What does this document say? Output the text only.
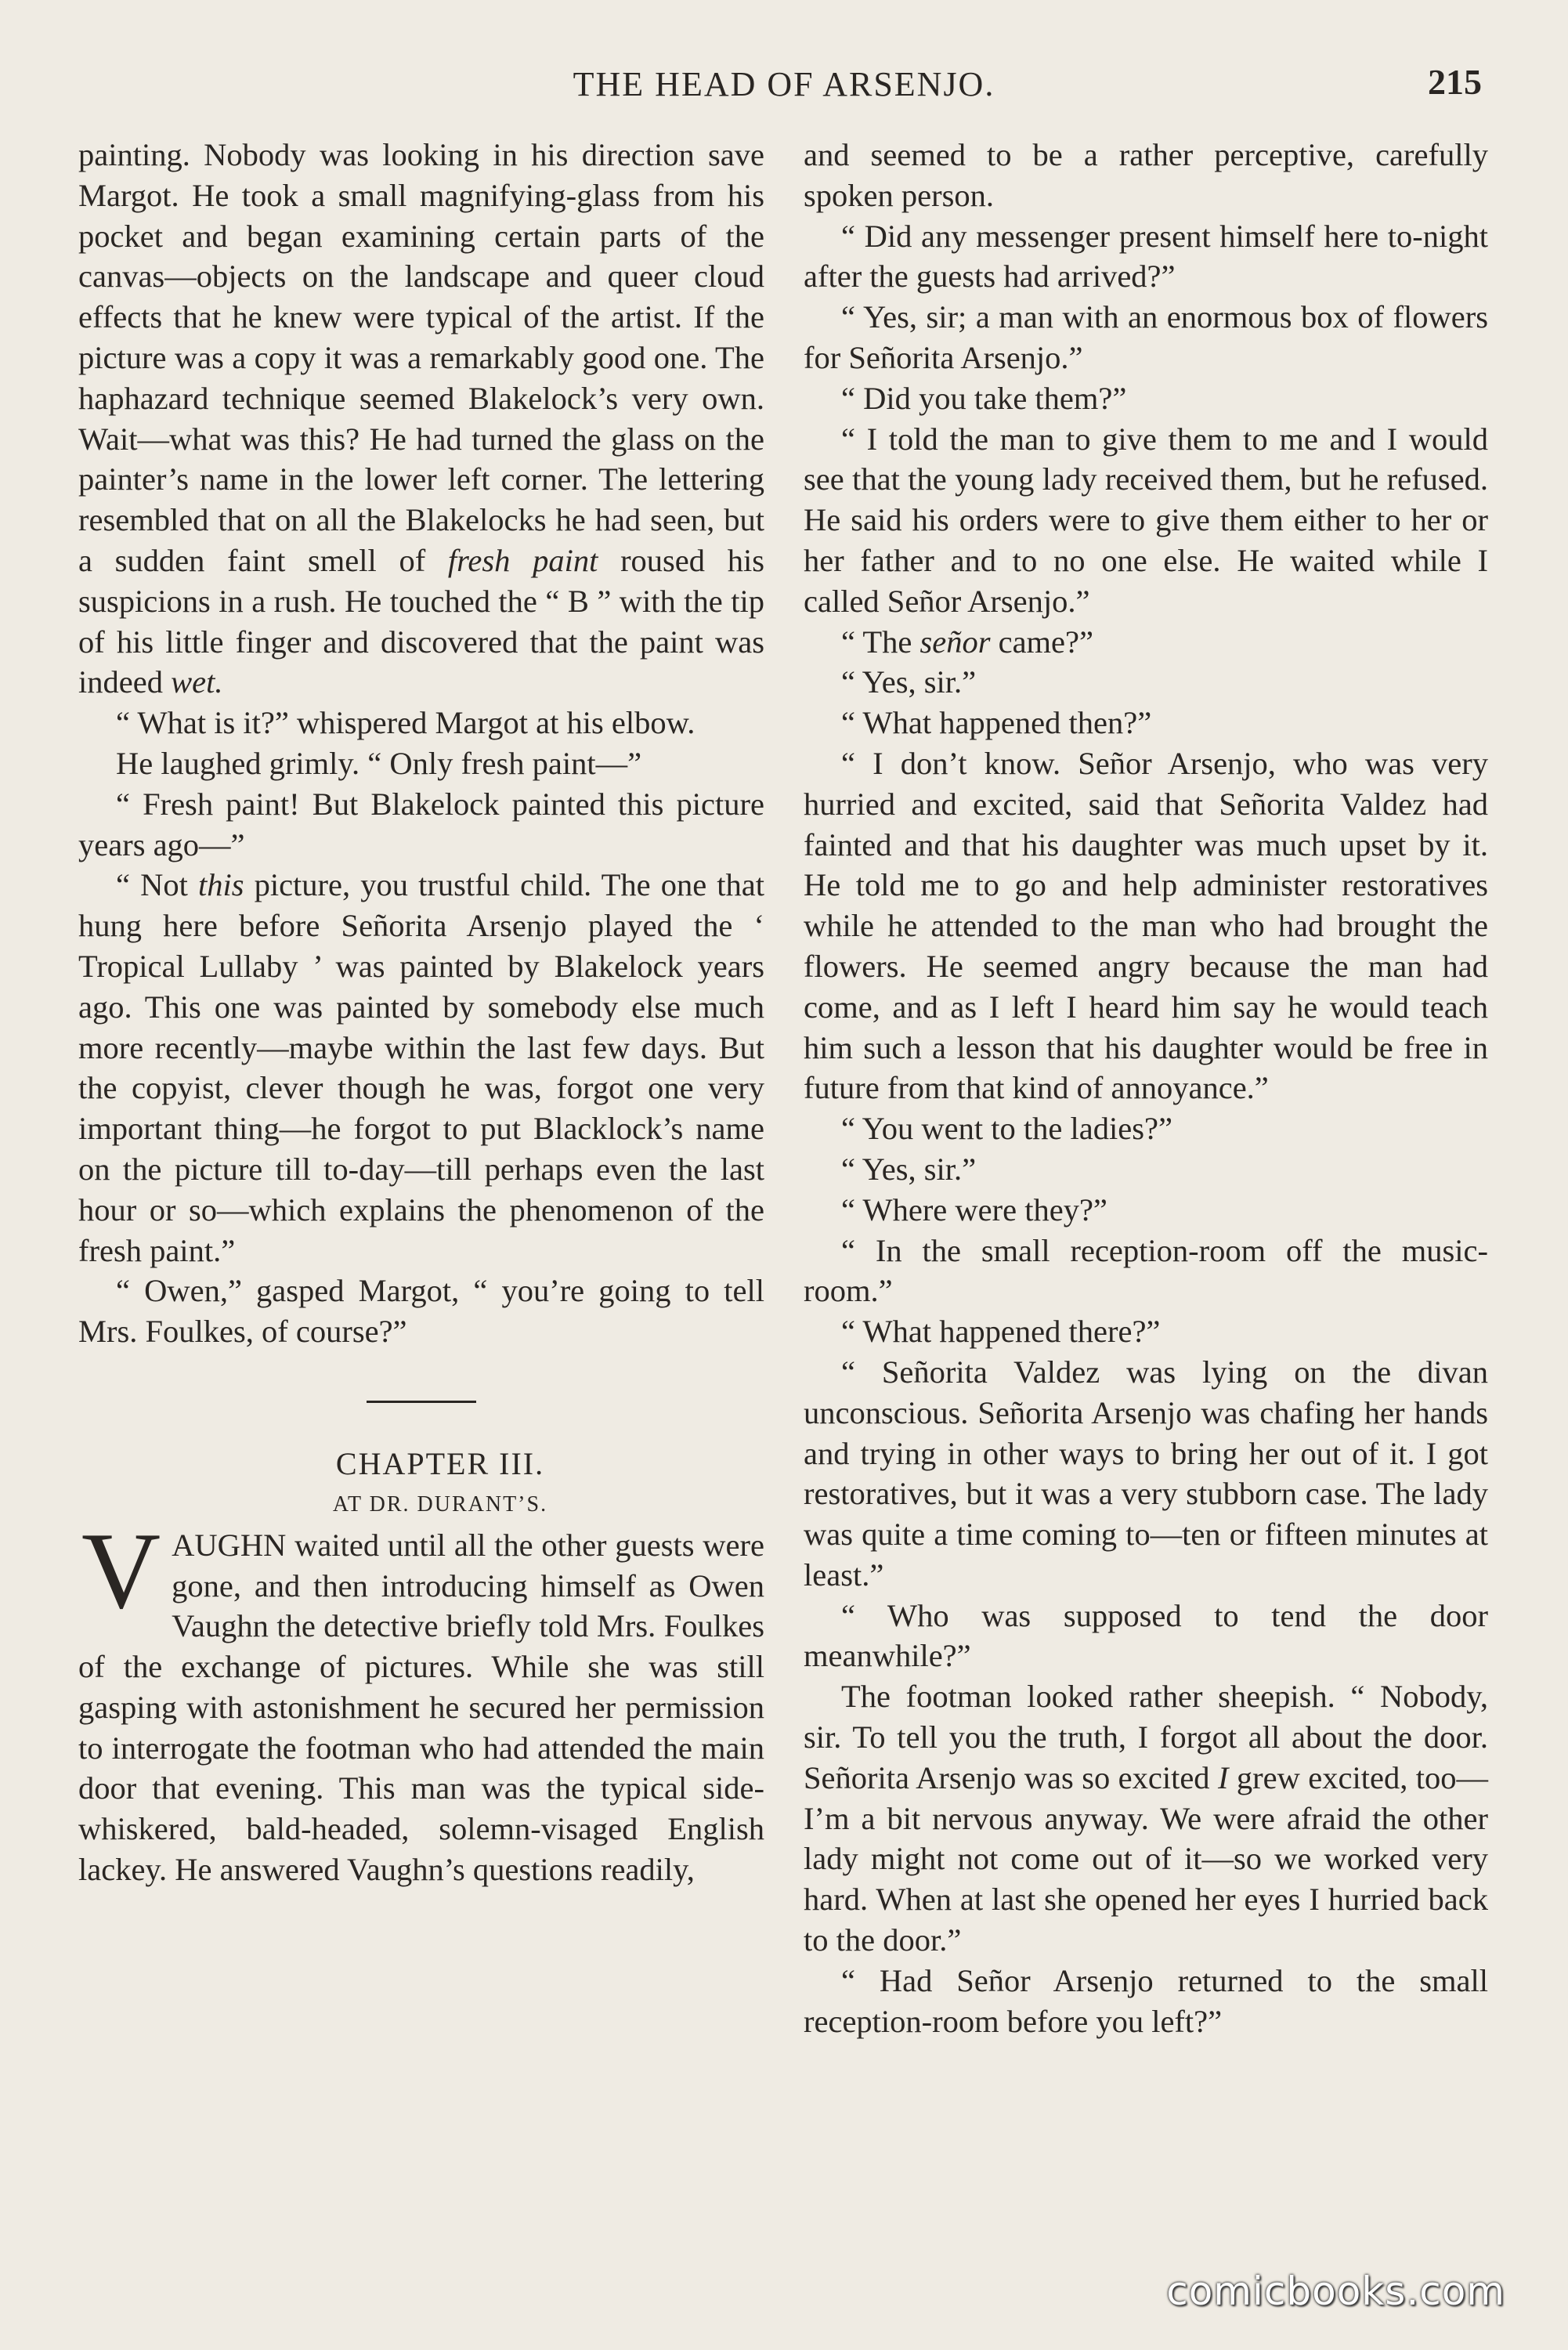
THE HEAD OF ARSENJO.	215

painting. Nobody was looking in his direction save Margot. He took a small magnifying-glass from his pocket and began examining certain parts of the canvas—objects on the landscape and queer cloud effects that he knew were typical of the artist. If the picture was a copy it was a remarkably good one. The haphazard technique seemed Blakelock’s very own. Wait—what was this? He had turned the glass on the painter’s name in the lower left corner. The lettering resembled that on all the Blakelocks he had seen, but a sudden faint smell of fresh paint roused his suspicions in a rush. He touched the “ B ” with the tip of his little finger and discovered that the paint was indeed wet.

“ What is it?” whispered Margot at his elbow.

He laughed grimly. “ Only fresh paint—”

“ Fresh paint! But Blakelock painted this picture years ago—”

“ Not this picture, you trustful child. The one that hung here before Señorita Arsenjo played the ‘ Tropical Lullaby ’ was painted by Blakelock years ago. This one was painted by somebody else much more recently—maybe within the last few days. But the copyist, clever though he was, forgot one very important thing—he forgot to put Blacklock’s name on the picture till to-day—till perhaps even the last hour or so—which explains the phenomenon of the fresh paint.”

“ Owen,” gasped Margot, “ you’re going to tell Mrs. Foulkes, of course?”

CHAPTER III.

AT DR. DURANT’S.

VAUGHN waited until all the other guests were gone, and then introducing himself as Owen Vaughn the detective briefly told Mrs. Foulkes of the exchange of pictures. While she was still gasping with astonishment he secured her permission to interrogate the footman who had attended the main door that evening. This man was the typical side-whiskered, bald-headed, solemn-visaged English lackey. He answered Vaughn’s questions readily,

and seemed to be a rather perceptive, carefully spoken person.

“ Did any messenger present himself here to-night after the guests had arrived?”

“ Yes, sir; a man with an enormous box of flowers for Señorita Arsenjo.”

“ Did you take them?”

“ I told the man to give them to me and I would see that the young lady received them, but he refused. He said his orders were to give them either to her or her father and to no one else. He waited while I called Señor Arsenjo.”

“ The señor came?”

“ Yes, sir.”

“ What happened then?”

“ I don’t know. Señor Arsenjo, who was very hurried and excited, said that Señorita Valdez had fainted and that his daughter was much upset by it. He told me to go and help administer restoratives while he attended to the man who had brought the flowers. He seemed angry because the man had come, and as I left I heard him say he would teach him such a lesson that his daughter would be free in future from that kind of annoyance.”

“ You went to the ladies?”

“ Yes, sir.”

“ Where were they?”

“ In the small reception-room off the music-room.”

“ What happened there?”

“ Señorita Valdez was lying on the divan unconscious. Señorita Arsenjo was chafing her hands and trying in other ways to bring her out of it. I got restoratives, but it was a very stubborn case. The lady was quite a time coming to—ten or fifteen minutes at least.”

“ Who was supposed to tend the door meanwhile?”

The footman looked rather sheepish. “ Nobody, sir. To tell you the truth, I forgot all about the door. Señorita Arsenjo was so excited I grew excited, too—I’m a bit nervous anyway. We were afraid the other lady might not come out of it—so we worked very hard. When at last she opened her eyes I hurried back to the door.”

“ Had Señor Arsenjo returned to the small reception-room before you left?”

comicbooks.com
